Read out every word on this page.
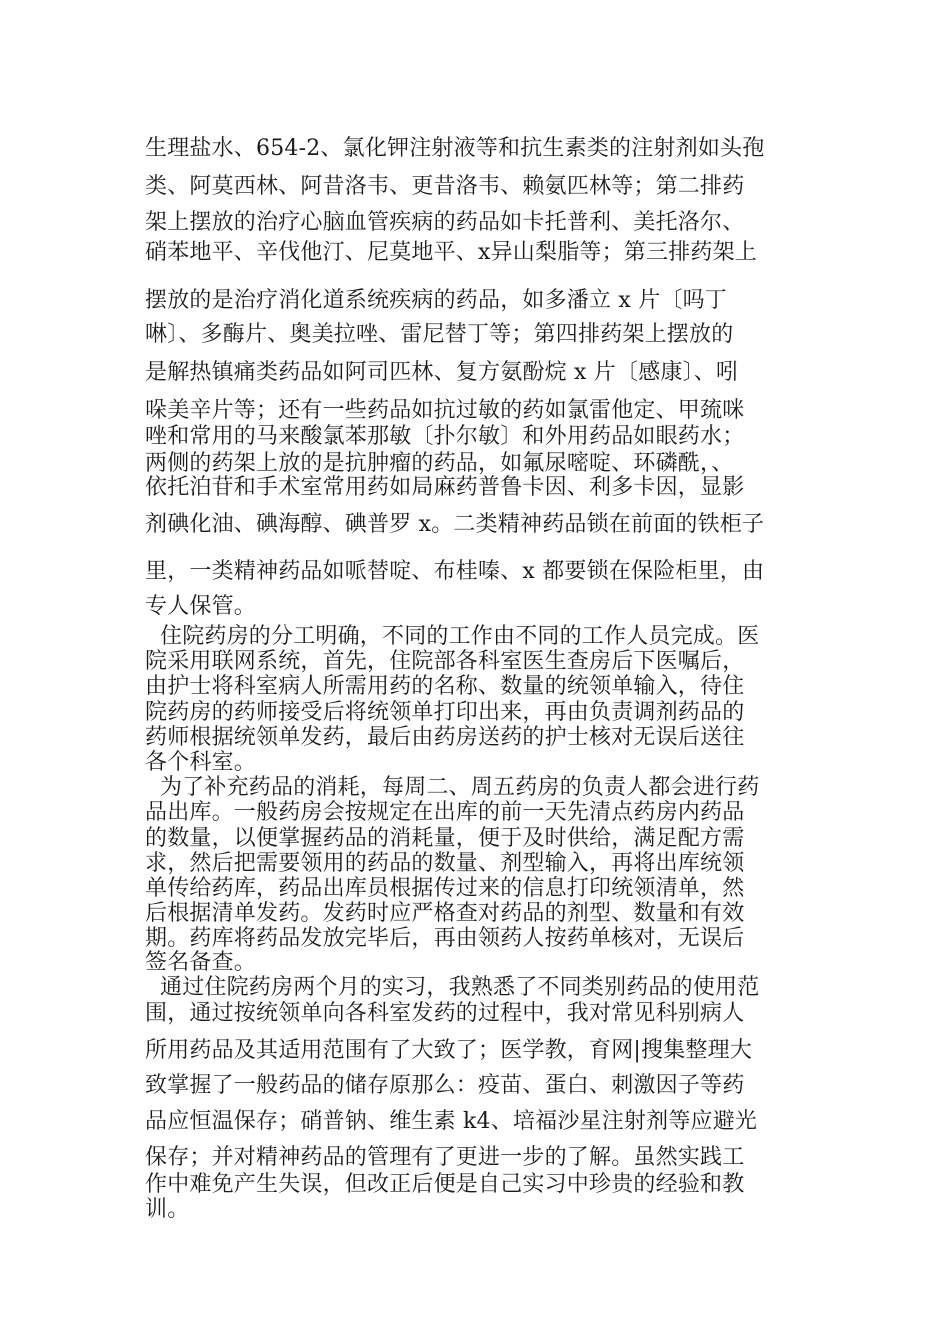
生理盐水、654-2、氯化钾注射液等和抗生素类的注射剂如头孢
类、阿莫西林、阿昔洛韦、更昔洛韦、赖氨匹林等；第二排药
架上摆放的治疗心脑血管疾病的药品如卡托普利、美托洛尔、
硝苯地平、辛伐他汀、尼莫地平、x异山梨脂等；第三排药架上
摆放的是治疗消化道系统疾病的药品，如多潘立 x 片〔吗丁
啉〕、多酶片、奥美拉唑、雷尼替丁等；第四排药架上摆放的
是解热镇痛类药品如阿司匹林、复方氨酚烷 x 片〔感康〕、吲
哚美辛片等；还有一些药品如抗过敏的药如氯雷他定、甲巯咪
唑和常用的马来酸氯苯那敏〔扑尔敏〕和外用药品如眼药水；
两侧的药架上放的是抗肿瘤的药品，如氟尿嘧啶、环磷酰，、
依托泊苷和手术室常用药如局麻药普鲁卡因、利多卡因，显影
剂碘化油、碘海醇、碘普罗 x。二类精神药品锁在前面的铁柜子
里，一类精神药品如哌替啶、布桂嗪、x 都要锁在保险柜里，由
专人保管。
住院药房的分工明确，不同的工作由不同的工作人员完成。医
院采用联网系统，首先，住院部各科室医生查房后下医嘱后，
由护士将科室病人所需用药的名称、数量的统领单输入，待住
院药房的药师接受后将统领单打印出来，再由负责调剂药品的
药师根据统领单发药，最后由药房送药的护士核对无误后送往
各个科室。
为了补充药品的消耗，每周二、周五药房的负责人都会进行药
品出库。一般药房会按规定在出库的前一天先清点药房内药品
的数量，以便掌握药品的消耗量，便于及时供给，满足配方需
求，然后把需要领用的药品的数量、剂型输入，再将出库统领
单传给药库，药品出库员根据传过来的信息打印统领清单，然
后根据清单发药。发药时应严格查对药品的剂型、数量和有效
期。药库将药品发放完毕后，再由领药人按药单核对，无误后
签名备查。
通过住院药房两个月的实习，我熟悉了不同类别药品的使用范
围，通过按统领单向各科室发药的过程中，我对常见科别病人
所用药品及其适用范围有了大致了；医学教，育网|搜集整理大
致掌握了一般药品的储存原那么：疫苗、蛋白、刺激因子等药
品应恒温保存；硝普钠、维生素 k4、培福沙星注射剂等应避光
保存；并对精神药品的管理有了更进一步的了解。虽然实践工
作中难免产生失误，但改正后便是自己实习中珍贵的经验和教
训。
